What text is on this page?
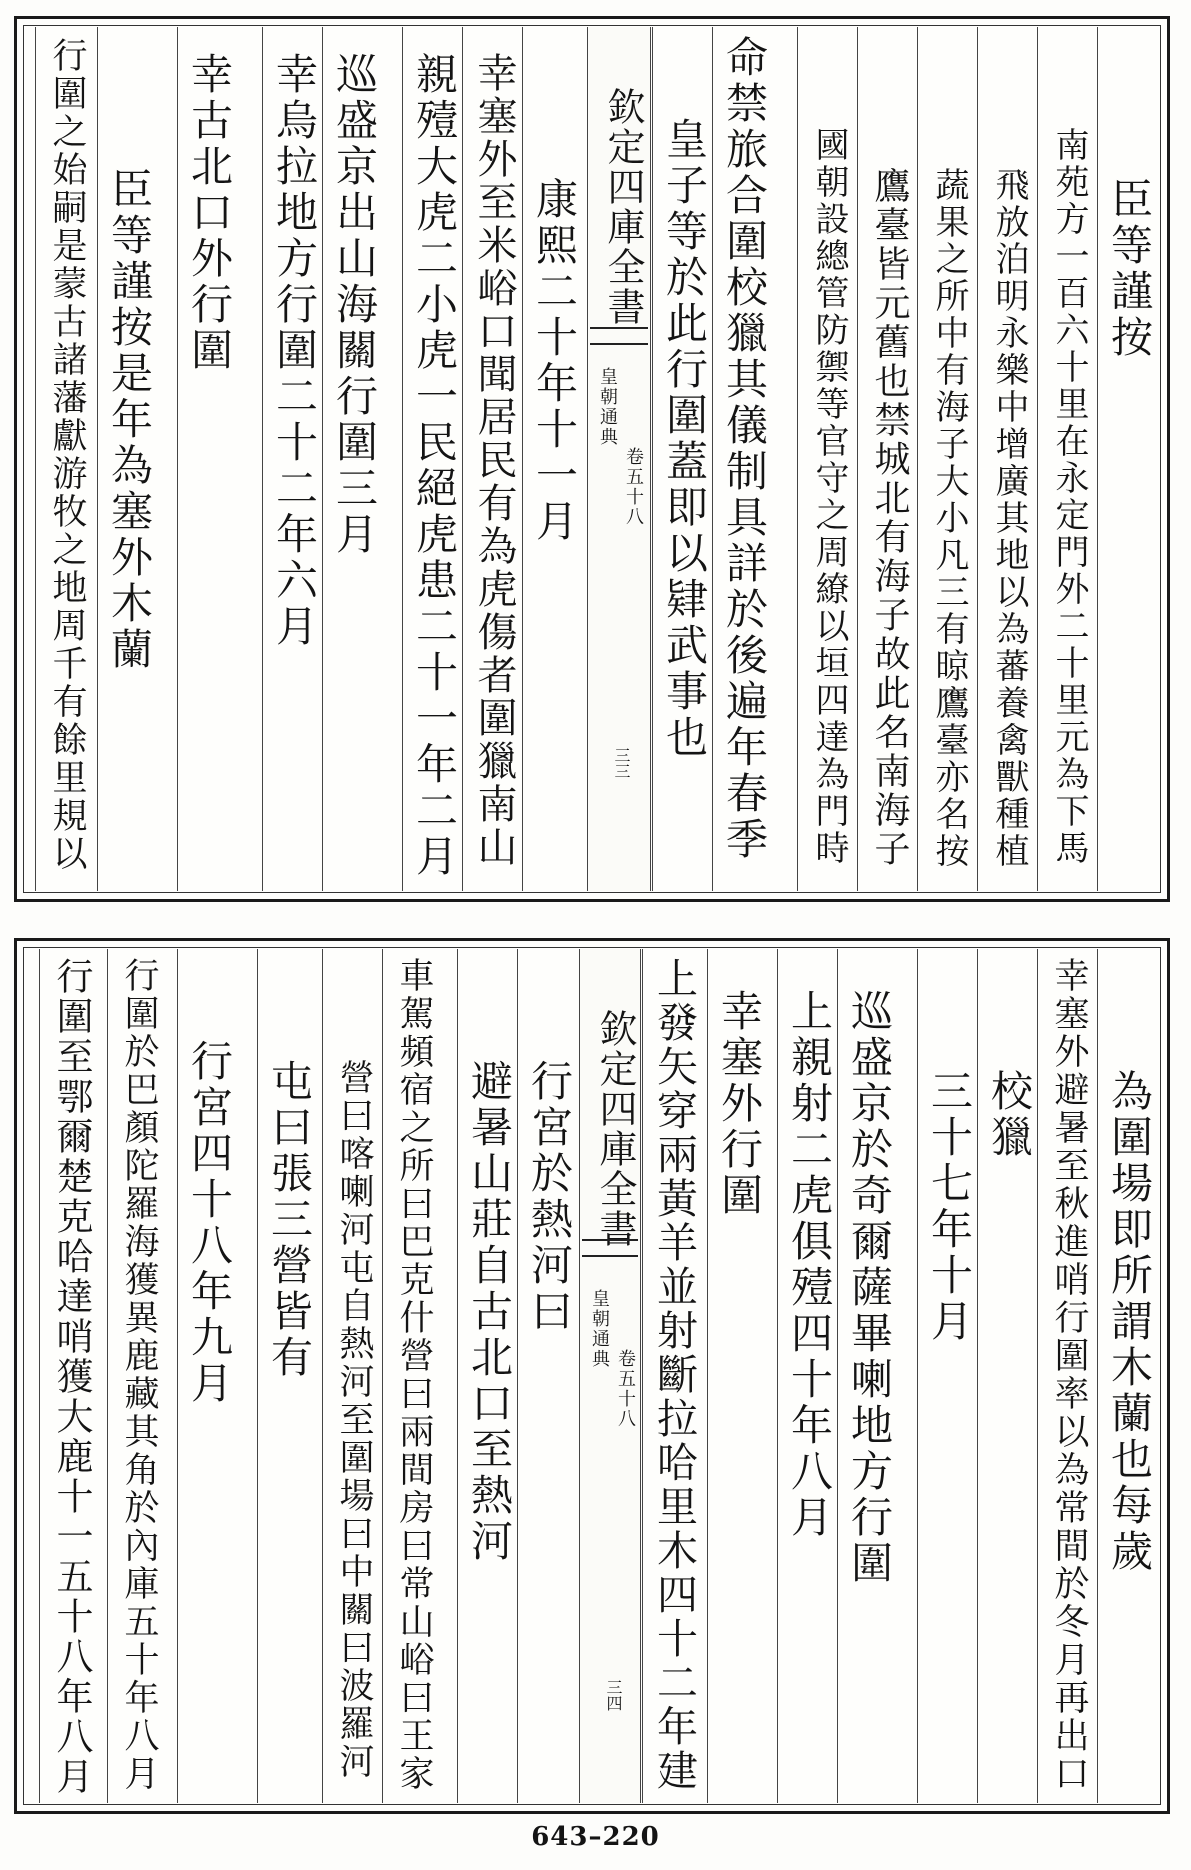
臣等謹按
南苑方一百六十里在永定門外二十里元為下馬
飛放泊明永樂中增廣其地以為蕃養禽獸種植
蔬果之所中有海子大小凡三有晾鷹臺亦名按
鷹臺皆元舊也禁城北有海子故此名南海子
國朝設總管防禦等官守之周繚以垣四達為門時
命禁旅合圍校獵其儀制具詳於後遍年春季
皇子等於此行圍蓋即以肄武事也
欽定四庫全書
皇朝通典
卷五十八
三三
康熙二十年十一月
幸塞外至米峪口聞居民有為虎傷者圍獵南山
親殪大虎二小虎一民絕虎患二十一年二月
巡盛京出山海關行圍三月
幸烏拉地方行圍二十二年六月
幸古北口外行圍
臣等謹按是年為塞外木蘭
行圍之始嗣是蒙古諸藩獻游牧之地周千有餘里規以
為圍場即所謂木蘭也每歲
幸塞外避暑至秋進哨行圍率以為常間於冬月再出口
校獵
三十七年十月
巡盛京於奇爾薩畢喇地方行圍
上親射二虎俱殪四十年八月
幸塞外行圍
上發矢穿兩黃羊並射斷拉哈里木四十二年建
欽定四庫全書
皇朝通典
卷五十八
三四
行宮於熱河曰
避暑山莊自古北口至熱河
車駕頻宿之所曰巴克什營曰兩間房曰常山峪曰王家
營曰喀喇河屯自熱河至圍場曰中關曰波羅河
屯曰張三營皆有
行宮四十八年九月
行圍於巴顏陀羅海獲異鹿藏其角於內庫五十年八月
行圍至鄂爾楚克哈達哨獲大鹿十一五十八年八月
643–220
